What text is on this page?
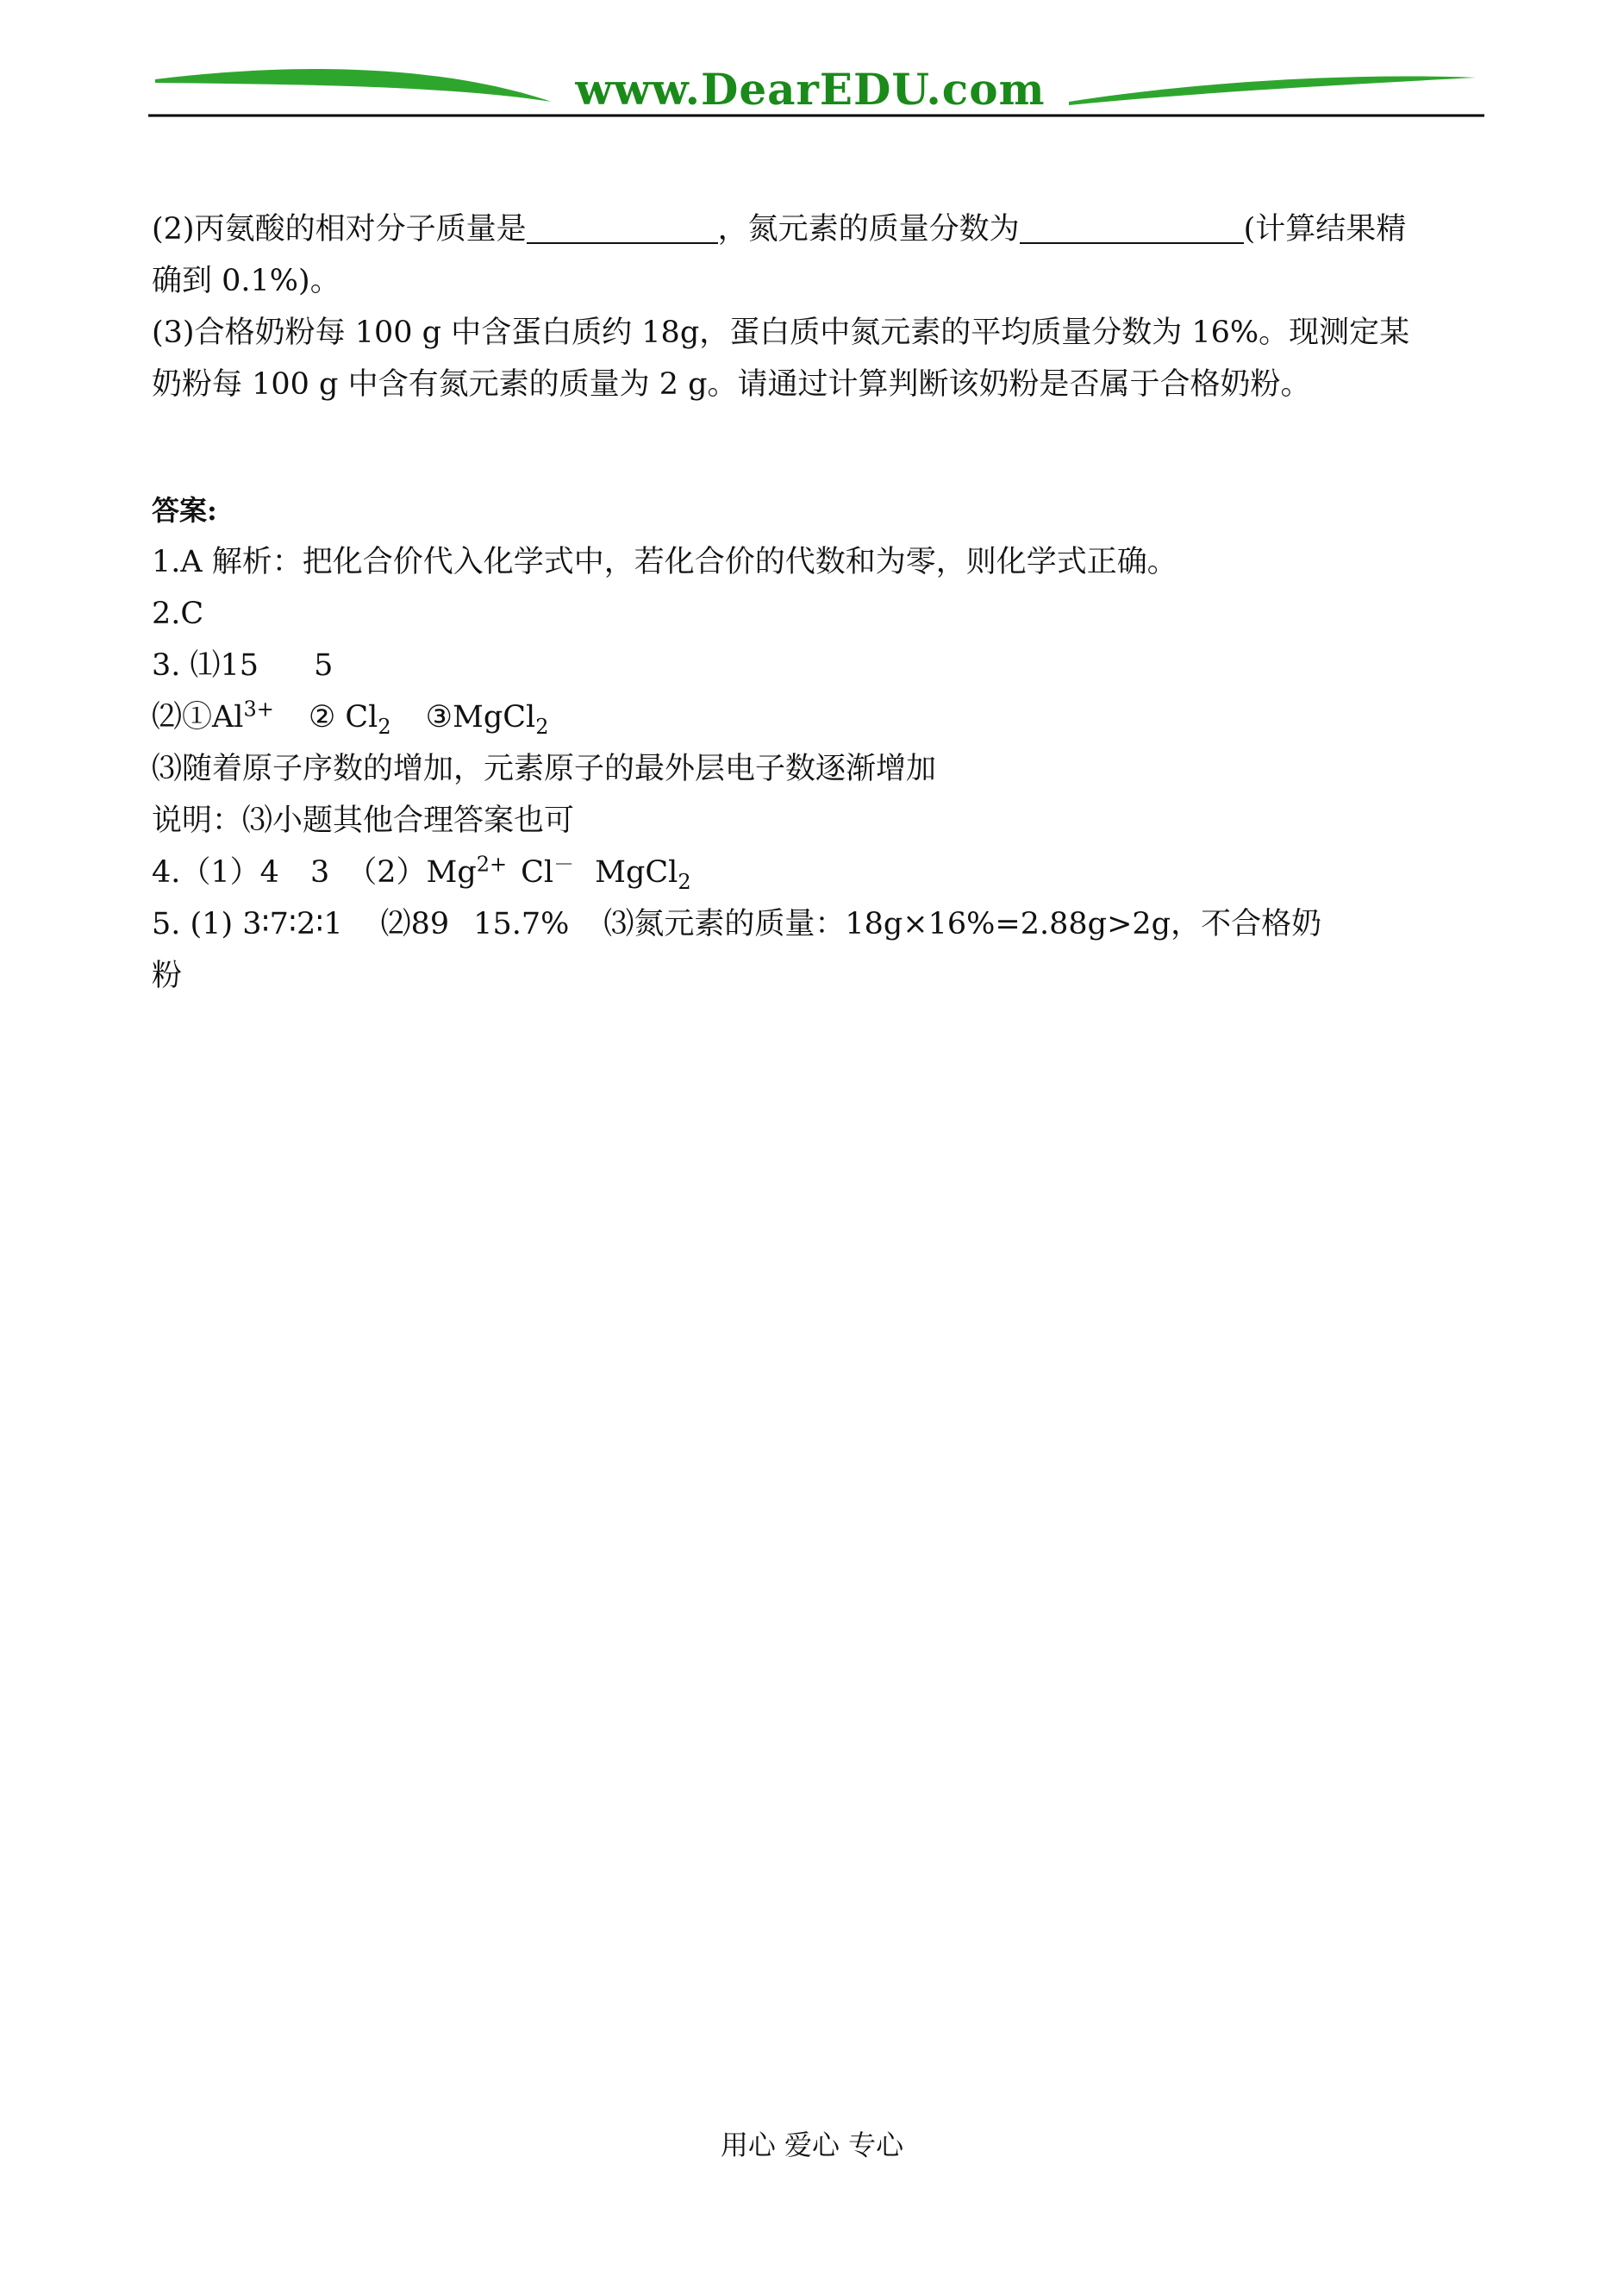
www.DearEDU.com
(2)丙氨酸的相对分子质量是	，氮元素的质量分数为	(计算结果精
确到 0.1%)。
(3)合格奶粉每 100 g 中含蛋白质约 18g，蛋白质中氮元素的平均质量分数为 16%。现测定某
奶粉每 100 g 中含有氮元素的质量为 2 g。请通过计算判断该奶粉是否属于合格奶粉。
答案:
1.A 解析：把化合价代入化学式中，若化合价的代数和为零，则化学式正确。
2.C
3. ⑴15 5
$⑵①Al^{3+}$ ② $Cl_2$ ③MgCl$_2$
⑶随着原子序数的增加，元素原子的最外层电子数逐渐增加
说明：⑶小题其他合理答案也可
4.（1）4 3 $(2)Mg^{2+}$ Cl－ MgCl$_2$
5. (1) 3∶7∶2∶1 ⑵89 15.7% ⑶氮元素的质量：18g×16%=2.88g>2g，不合格奶
粉
用心 爱心 专心
